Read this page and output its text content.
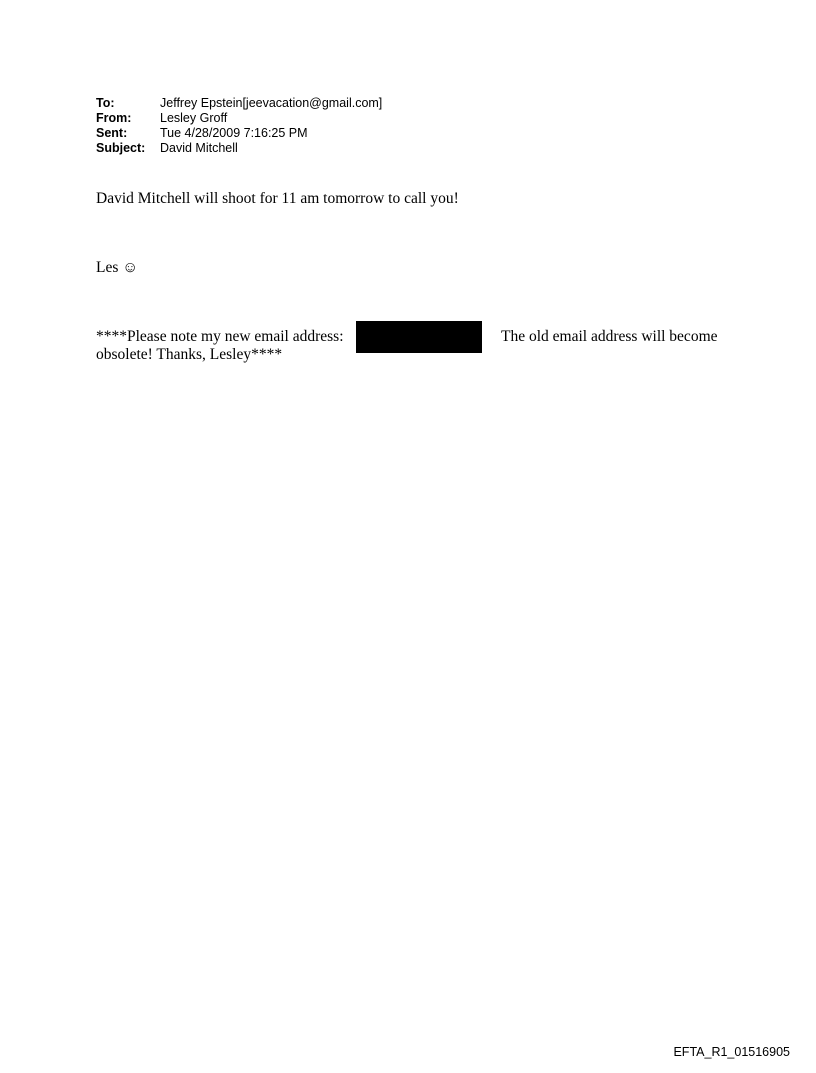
To:	Jeffrey Epstein[jeevacation@gmail.com]
From:	Lesley Groff
Sent:	Tue 4/28/2009 7:16:25 PM
Subject:	David Mitchell
David Mitchell will shoot for 11 am tomorrow to call you!
Les ☺
****Please note my new email address:	The old email address will become
obsolete! Thanks, Lesley****
EFTA_R1_01516905
